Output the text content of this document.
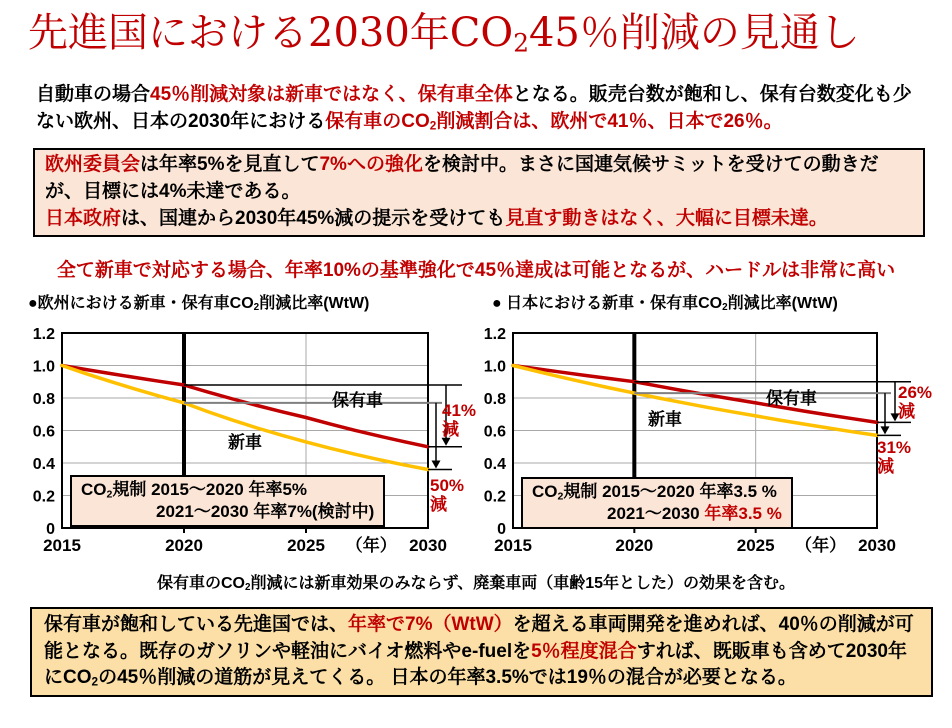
先進国における2030年$CO_245$％削減の見通し
自動車の場合45％削減対象は新車ではなく、保有車全体となる。販売台数が飽和し、保有台数変化も少ない欧州、日本の2030年における保有車の$CO_2$削減割合は、欧州で41％、日本で26％。
欧州委員会は年率5%を見直して7%への強化を検討中。まさに国連気候サミットを受けての動きだが、目標には4%未達である。
日本政府は、国連から2030年45%減の提示を受けても見直す動きはなく、大幅に目標未達。
全て新車で対応する場合、年率10%の基準強化で45％達成は可能となるが、ハードルは非常に高い
●欧州における新車・保有車$CO_2$削減比率(WtW)	● 日本における新車・保有車$CO_2$削減比率(WtW)
0
0.2
0.4
0.6
0.8
1.0
1.2
2015	2020	2025	2030
（年）
保有車
新車
41%減
50%減
$CO_2$規制 2015～2020 年率5%
2021～2030 年率7%(検討中)
0
0.2
0.4
0.6
0.8
1.0
1.2
2015	2020	2025	2030
（年）
保有車
新車
26%減
31%減
$CO_2$規制 2015～2020 年率3.5 %
2021～2030 年率3.5 %
保有車の$CO_2$削減には新車効果のみならず、廃棄車両（車齢15年とした）の効果を含む。
保有車が飽和している先進国では、年率で7%（WtW）を超える車両開発を進めれば、40％の削減が可能となる。既存のガソリンや軽油にバイオ燃料やe-fuelを5％程度混合すれば、既販車も含めて2030年に$CO_2$の45％削減の道筋が見えてくる。 日本の年率3.5%では19％の混合が必要となる。
